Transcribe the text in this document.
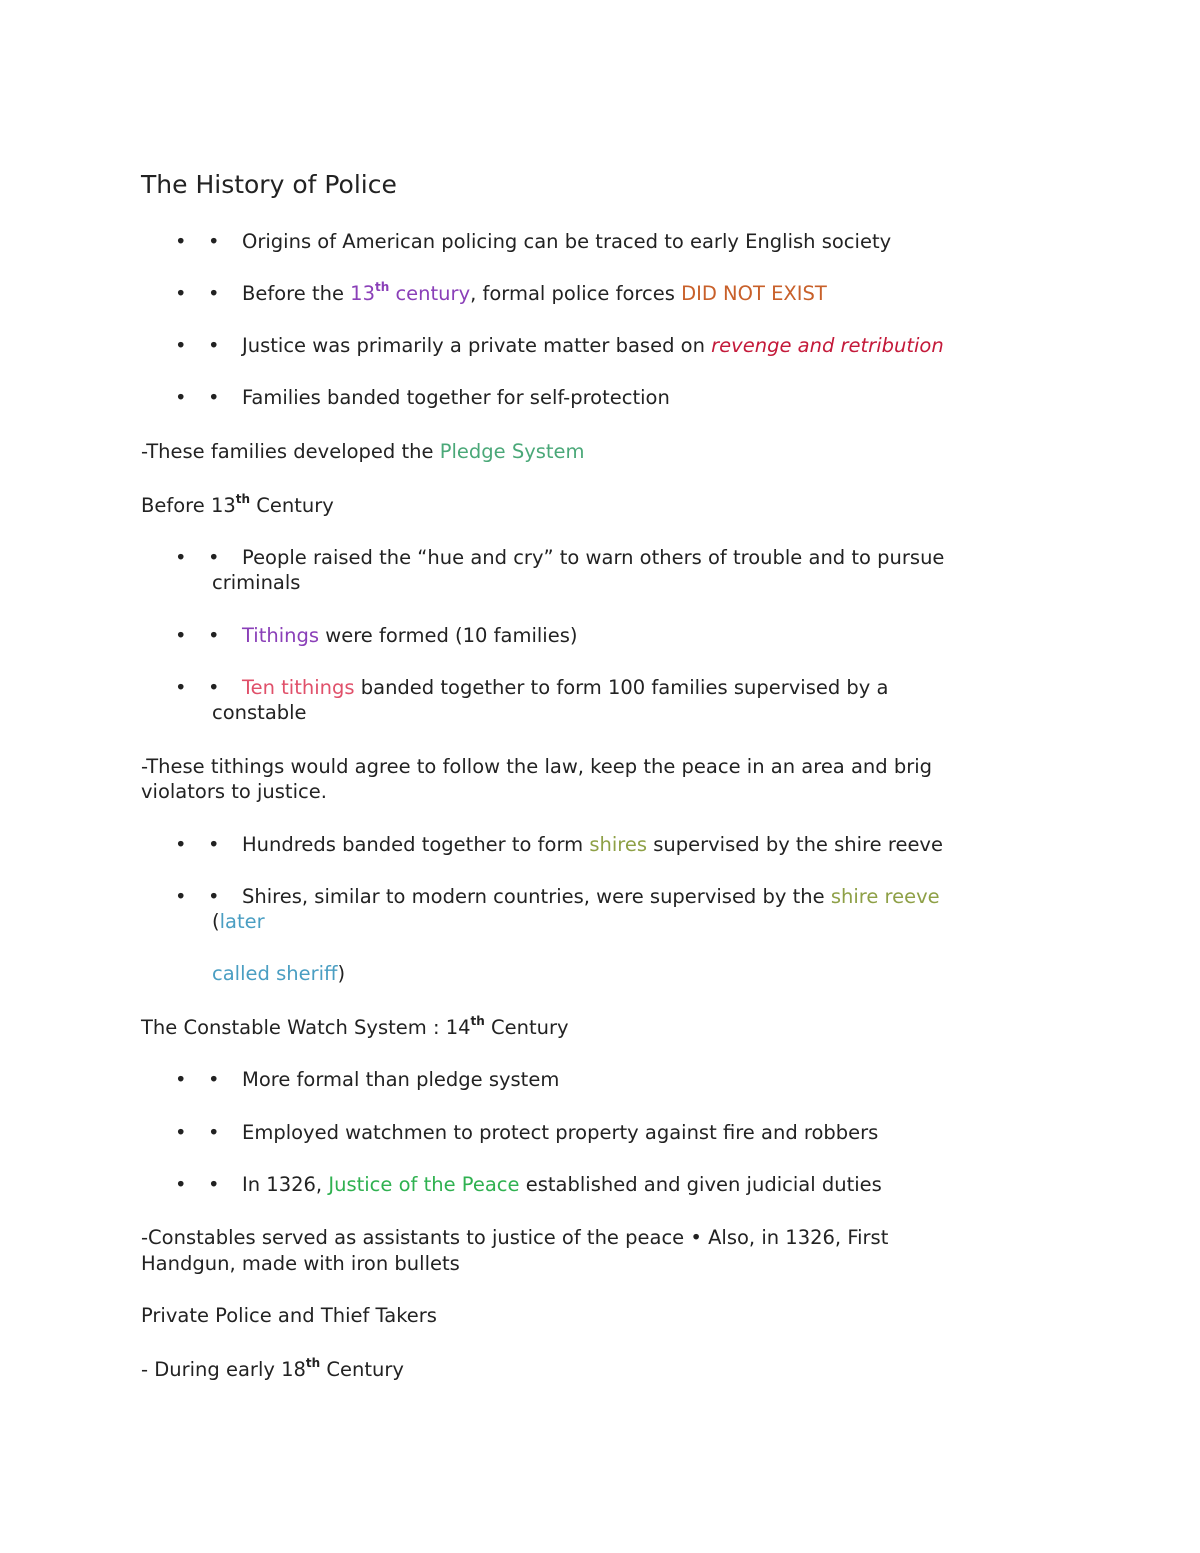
The History of Police
• • Origins of American policing can be traced to early English society
• • Before the 13th century, formal police forces DID NOT EXIST
• • Justice was primarily a private matter based on revenge and retribution
• • Families banded together for self-protection
-These families developed the Pledge System
Before 13th Century
• • People raised the “hue and cry” to warn others of trouble and to pursue
criminals
• • Tithings were formed (10 families)
• • Ten tithings banded together to form 100 families supervised by a
constable
-These tithings would agree to follow the law, keep the peace in an area and brig
violators to justice.
• • Hundreds banded together to form shires supervised by the shire reeve
• • Shires, similar to modern countries, were supervised by the shire reeve
(later
called sheriff)
The Constable Watch System : 14th Century
• • More formal than pledge system
• • Employed watchmen to protect property against fire and robbers
• • In 1326, Justice of the Peace established and given judicial duties
-Constables served as assistants to justice of the peace • Also, in 1326, First
Handgun, made with iron bullets
Private Police and Thief Takers
- During early 18th Century
